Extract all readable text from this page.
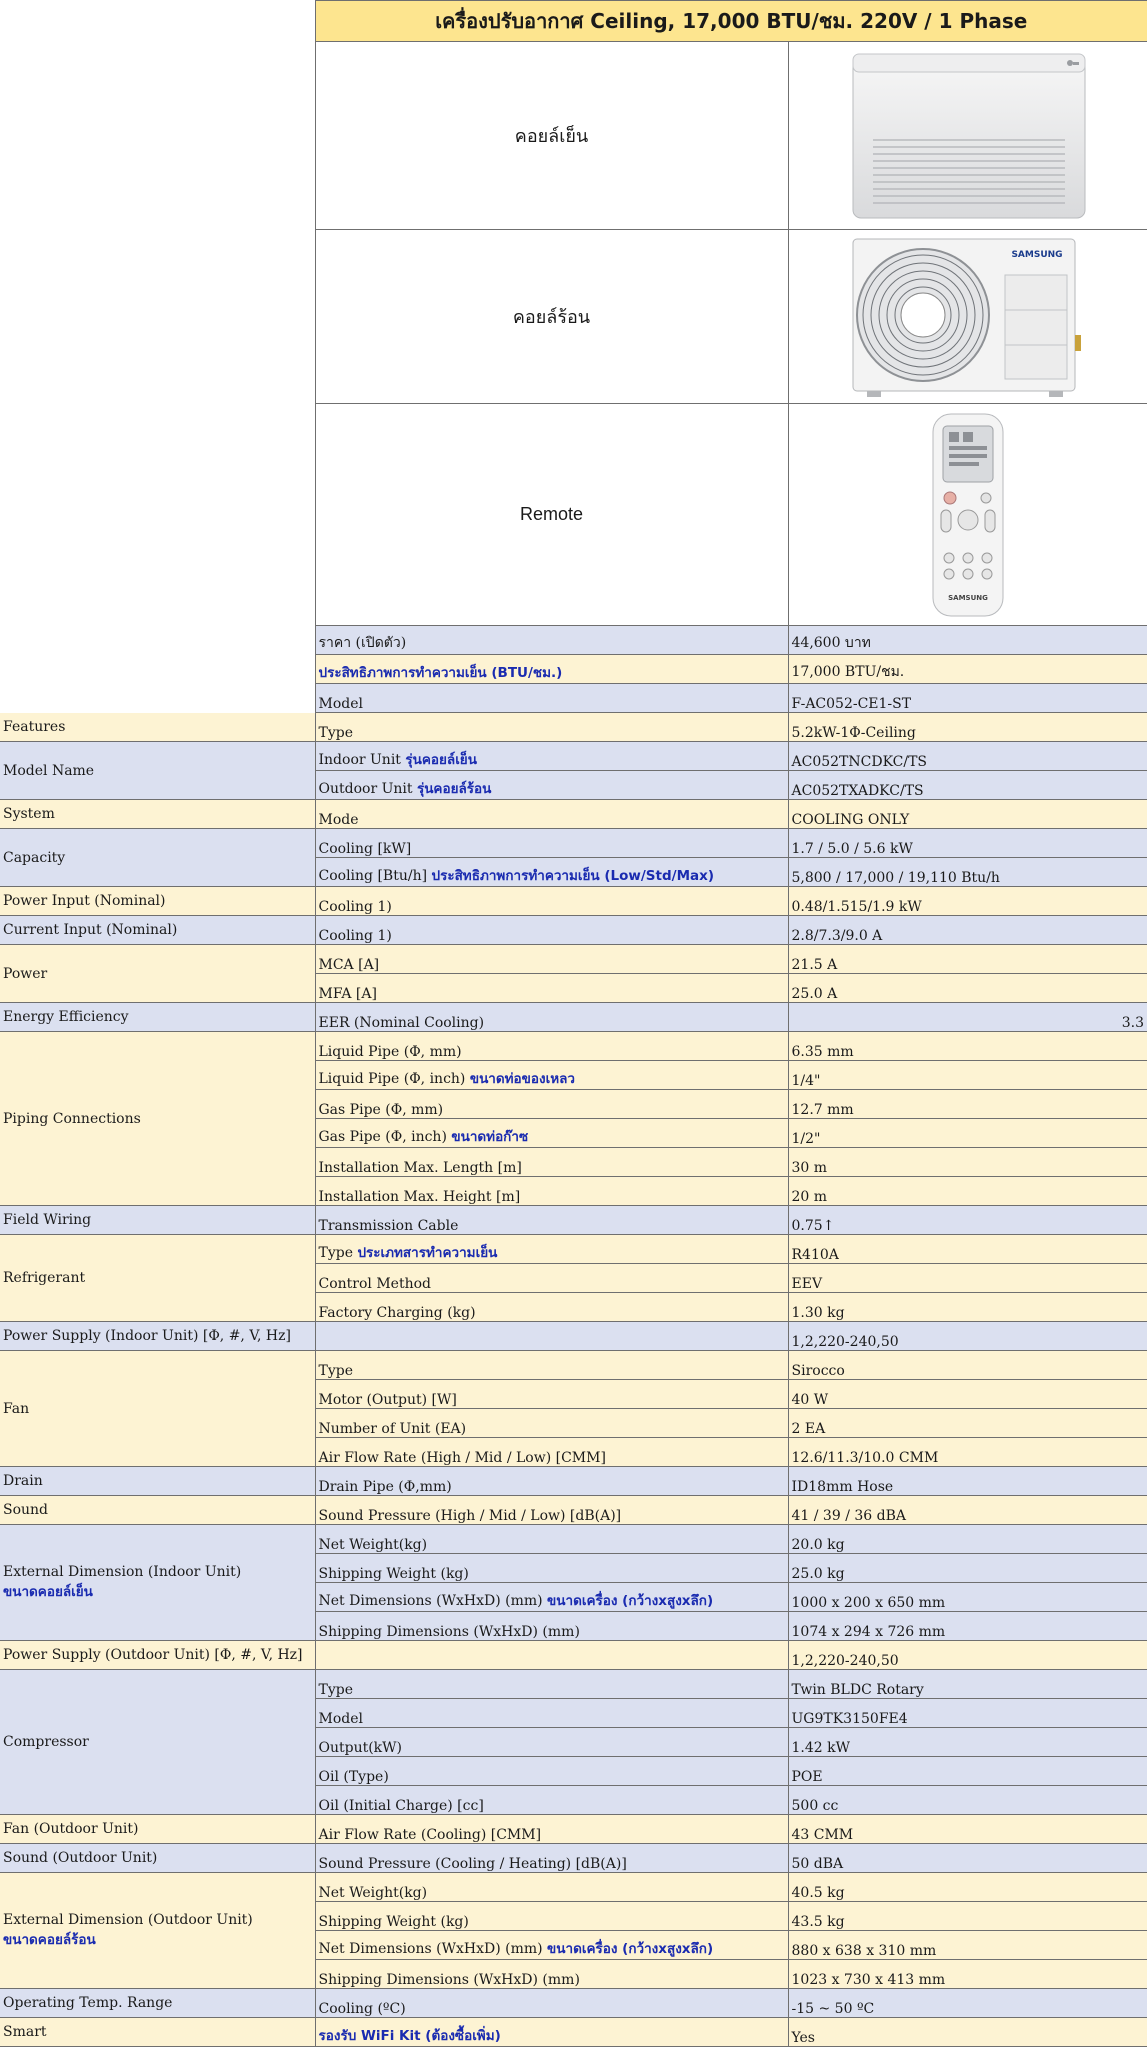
	เครื่องปรับอากาศ Ceiling, 17,000 BTU/ชม. 220V / 1 Phase	
	คอยล์เย็น	

	คอยล์ร้อน	SAMSUNG

	Remote	SAMSUNG

	ราคา (เปิดตัว)	44,600 บาท
	ประสิทธิภาพการทำความเย็น (BTU/ชม.)	17,000 BTU/ชม.
	Model	F-AC052-CE1-ST
Features	Type	5.2kW-1Φ-Ceiling
Model Name	Indoor Unit รุ่นคอยล์เย็น	AC052TNCDKC/TS
	Outdoor Unit รุ่นคอยล์ร้อน	AC052TXADKC/TS
System	Mode	COOLING ONLY
Capacity	Cooling [kW]	1.7 / 5.0 / 5.6 kW
	Cooling [Btu/h] ประสิทธิภาพการทำความเย็น (Low/Std/Max)	5,800 / 17,000 / 19,110 Btu/h
Power Input (Nominal)	Cooling 1)	0.48/1.515/1.9 kW
Current Input (Nominal)	Cooling 1)	2.8/7.3/9.0 A
Power	MCA [A]	21.5 A
	MFA [A]	25.0 A
Energy Efficiency	EER (Nominal Cooling)	3.3
Piping Connections	Liquid Pipe (Φ, mm)	6.35 mm
	Liquid Pipe (Φ, inch) ขนาดท่อของเหลว	1/4"
	Gas Pipe (Φ, mm)	12.7 mm
	Gas Pipe (Φ, inch) ขนาดท่อก๊าซ	1/2"
	Installation Max. Length [m]	30 m
	Installation Max. Height [m]	20 m
Field Wiring	Transmission Cable	0.75↑
Refrigerant	Type ประเภทสารทำความเย็น	R410A
	Control Method	EEV
	Factory Charging (kg)	1.30 kg
Power Supply (Indoor Unit) [Φ, #, V, Hz]		1,2,220-240,50
Fan	Type	Sirocco
	Motor (Output) [W]	40 W
	Number of Unit (EA)	2 EA
	Air Flow Rate (High / Mid / Low) [CMM]	12.6/11.3/10.0 CMM
Drain	Drain Pipe (Φ,mm)	ID18mm Hose
Sound	Sound Pressure (High / Mid / Low) [dB(A)]	41 / 39 / 36 dBA

External Dimension (Indoor Unit)
ขนาดคอยล์เย็น	Net Weight(kg)	20.0 kg
	Shipping Weight (kg)	25.0 kg
	Net Dimensions (WxHxD) (mm) ขนาดเครื่อง (กว้างxสูงxลึก)	1000 x 200 x 650 mm
	Shipping Dimensions (WxHxD) (mm)	1074 x 294 x 726 mm
Power Supply (Outdoor Unit) [Φ, #, V, Hz]		1,2,220-240,50
Compressor	Type	Twin BLDC Rotary
	Model	UG9TK3150FE4
	Output(kW)	1.42 kW
	Oil (Type)	POE
	Oil (Initial Charge) [cc]	500 cc
Fan (Outdoor Unit)	Air Flow Rate (Cooling) [CMM]	43 CMM
Sound (Outdoor Unit)	Sound Pressure (Cooling / Heating) [dB(A)]	50 dBA

External Dimension (Outdoor Unit)
ขนาดคอยล์ร้อน	Net Weight(kg)	40.5 kg
	Shipping Weight (kg)	43.5 kg
	Net Dimensions (WxHxD) (mm) ขนาดเครื่อง (กว้างxสูงxลึก)	880 x 638 x 310 mm
	Shipping Dimensions (WxHxD) (mm)	1023 x 730 x 413 mm
Operating Temp. Range	Cooling (ºC)	-15 ~ 50 ºC
Smart	รองรับ WiFi Kit (ต้องซื้อเพิ่ม)	Yes
